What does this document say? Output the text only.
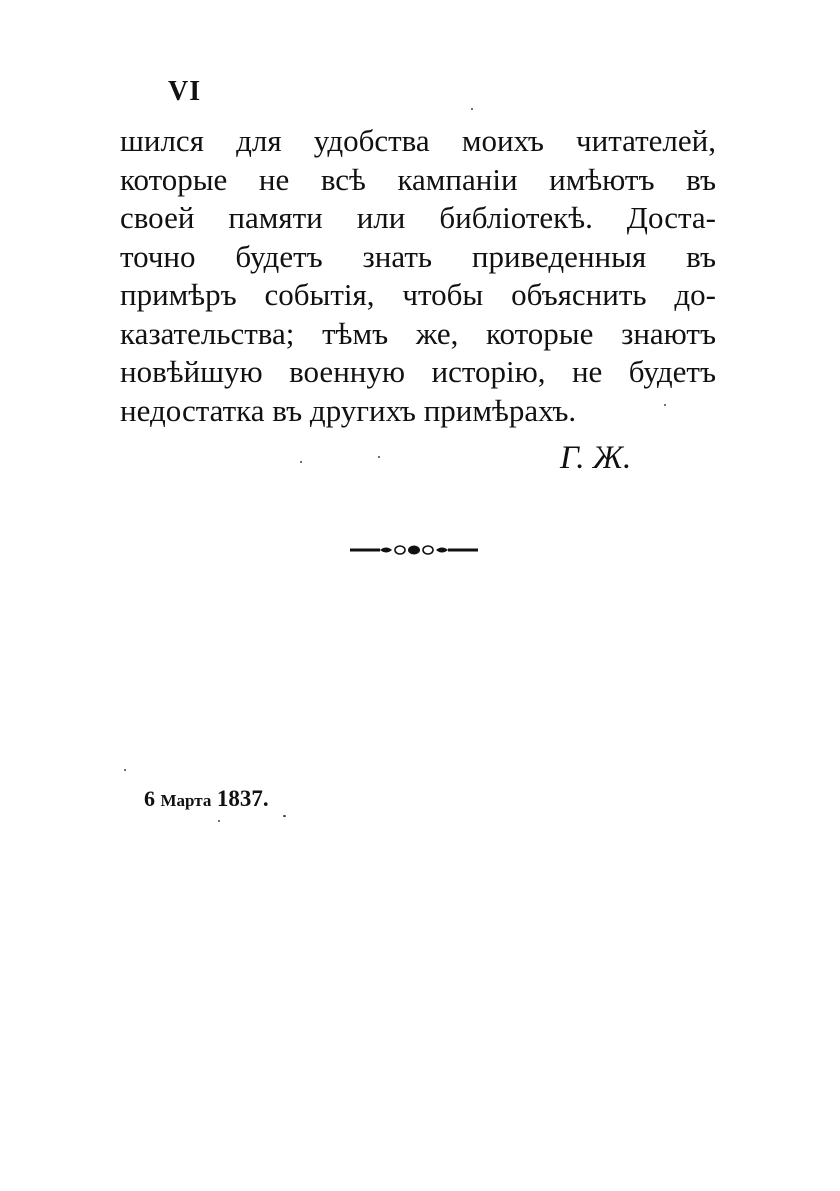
VI
шился для удобства моихъ читателей,
которые не всѣ кампаніи имѣютъ въ
своей памяти или библіотекѣ. Доста-
точно будетъ знать приведенныя въ
примѣръ событія, чтобы объяснить до-
казательства; тѣмъ же, которые знаютъ
новѣйшую военную исторію, не будетъ
недостатка въ другихъ примѣрахъ.
Г. Ж.
6 Марта 1837.
